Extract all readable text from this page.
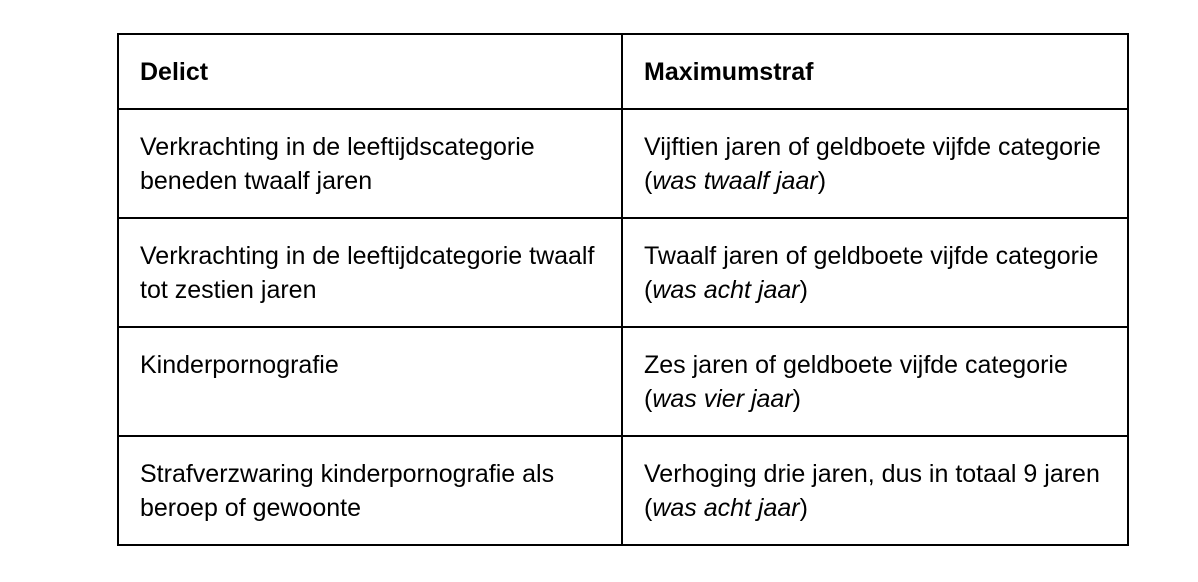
Delict	Maximumstraf

Verkrachting in de leeftijdscategorie beneden twaalf jaren	Vijftien jaren of geldboete vijfde categorie (was twaalf jaar)

Verkrachting in de leeftijdcategorie twaalf tot zestien jaren	Twaalf jaren of geldboete vijfde categorie (was acht jaar)

Kinderpornografie	Zes jaren of geldboete vijfde categorie (was vier jaar)

Strafverzwaring kinderpornografie als beroep of gewoonte	Verhoging drie jaren, dus in totaal 9 jaren (was acht jaar)
